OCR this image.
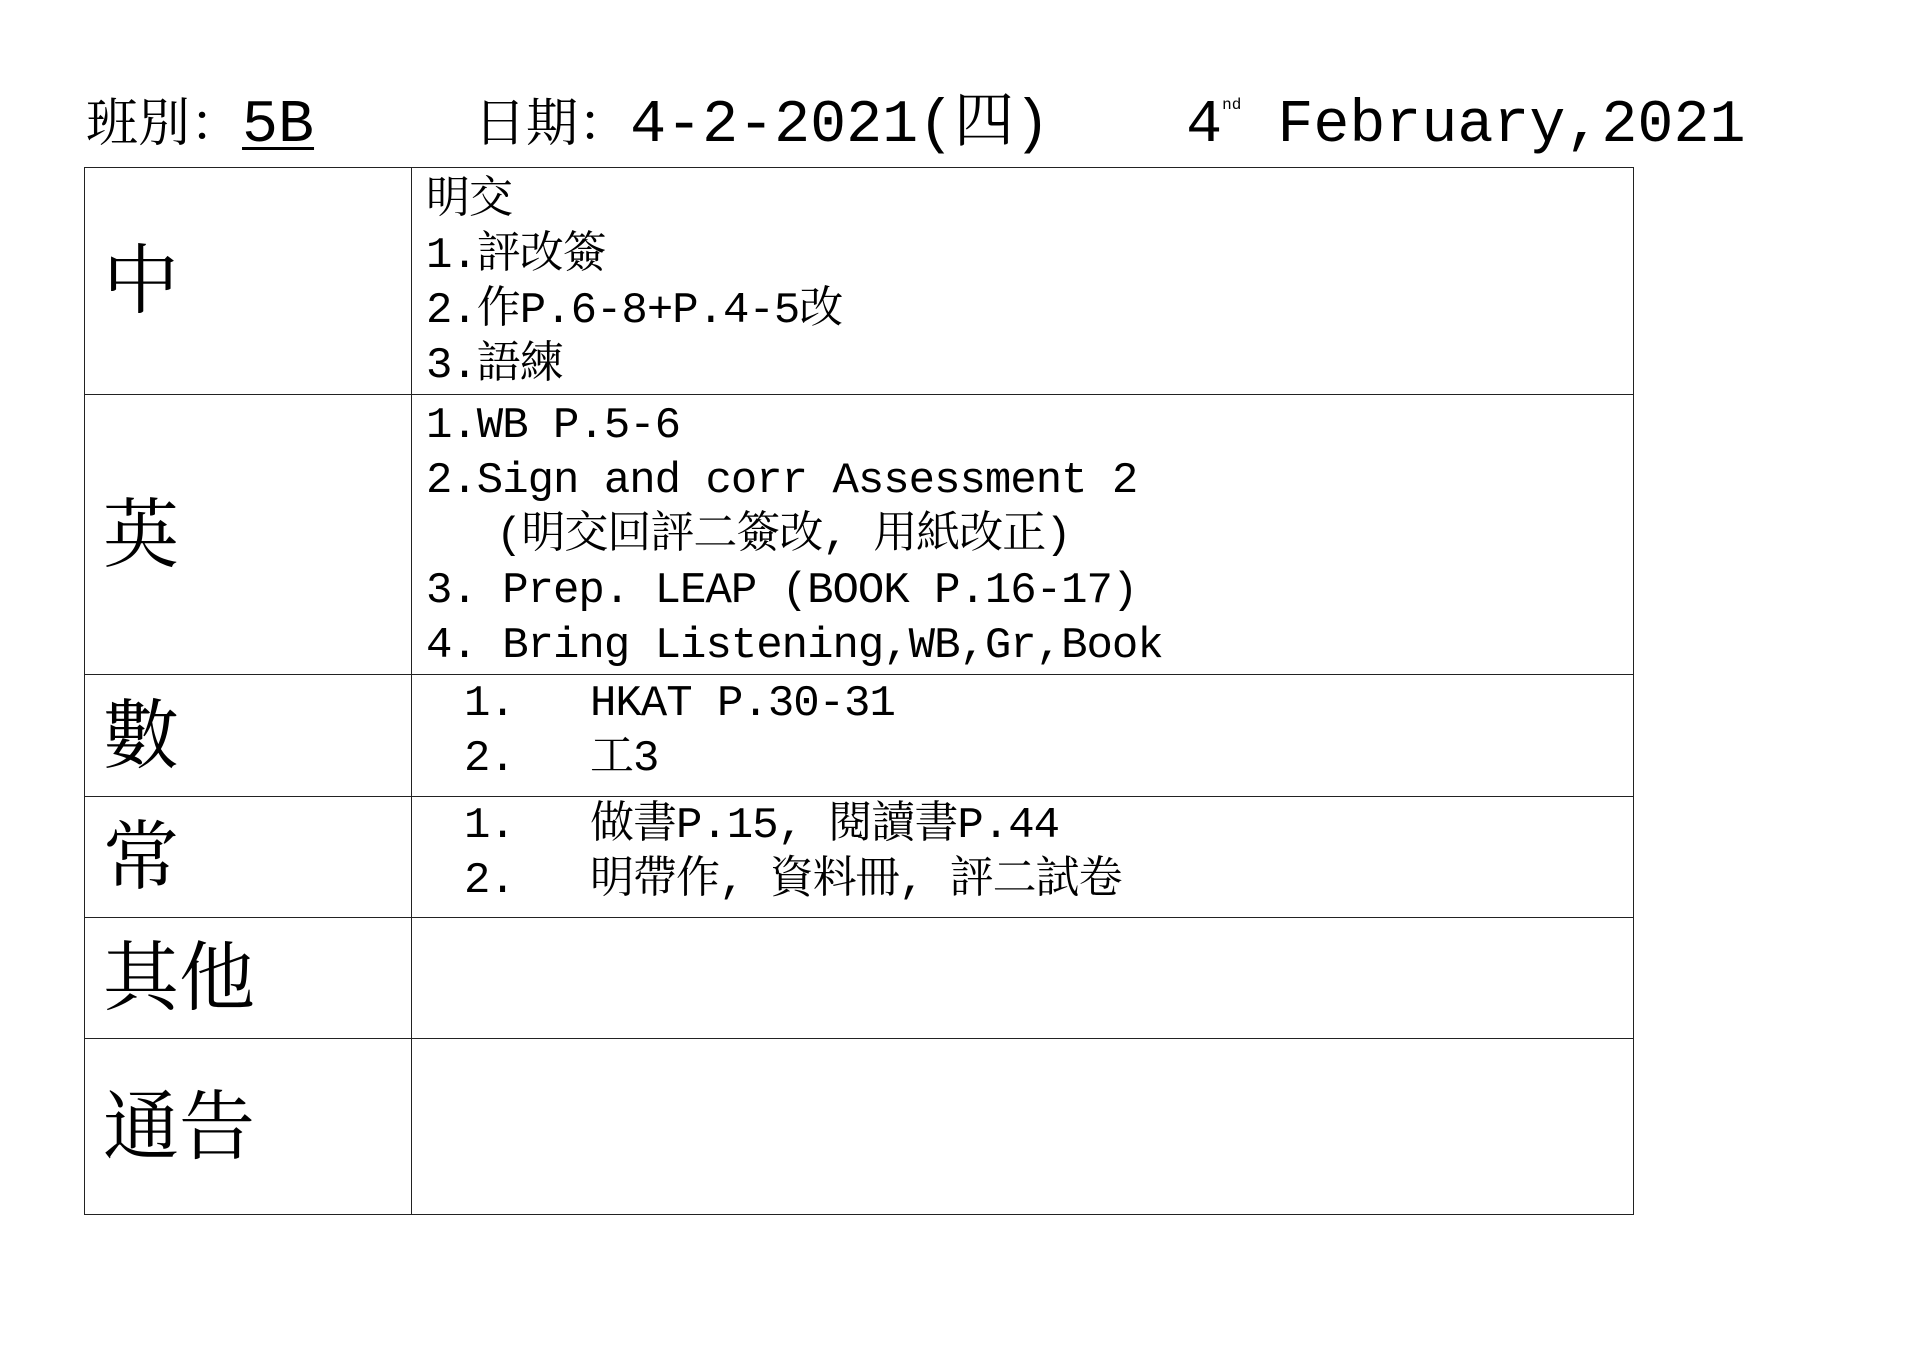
班別：5B	日期：4-2-2021(四) 4nd February,2021
中	明交
1.評改簽
2.作P.6-8+P.4-5改
3.語練

英	1.WB P.5-6
2.Sign and corr Assessment 2
(明交回評二簽改, 用紙改正)
3. Prep. LEAP (BOOK P.16-17)
4. Bring Listening,WB,Gr,Book

數	1. HKAT P.30-31
2. 工3

常	1. 做書P.15, 閱讀書P.44
2. 明帶作, 資料冊, 評二試卷

其他	
通告	
